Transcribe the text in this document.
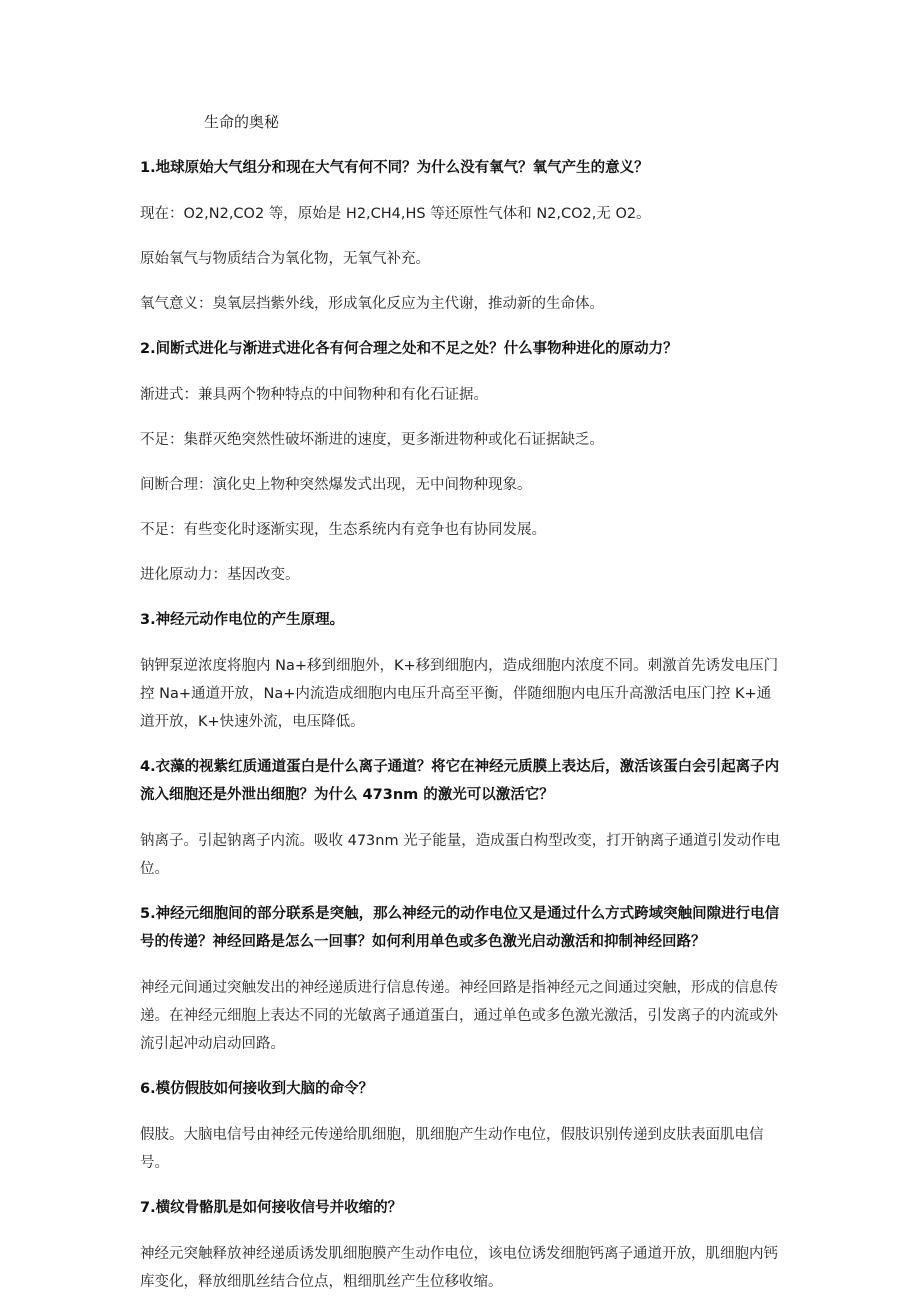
生命的奥秘
1.地球原始大气组分和现在大气有何不同？为什么没有氧气？氧气产生的意义？
现在：O2,N2,CO2 等，原始是 H2,CH4,HS 等还原性气体和 N2,CO2,无 O2。
原始氧气与物质结合为氧化物，无氧气补充。
氧气意义：臭氧层挡紫外线，形成氧化反应为主代谢，推动新的生命体。
2.间断式进化与渐进式进化各有何合理之处和不足之处？什么事物种进化的原动力？
渐进式：兼具两个物种特点的中间物种和有化石证据。
不足：集群灭绝突然性破坏渐进的速度，更多渐进物种或化石证据缺乏。
间断合理：演化史上物种突然爆发式出现，无中间物种现象。
不足：有些变化时逐渐实现，生态系统内有竞争也有协同发展。
进化原动力：基因改变。
3.神经元动作电位的产生原理。
钠钾泵逆浓度将胞内 Na+移到细胞外，K+移到细胞内，造成细胞内浓度不同。刺激首先诱发电压门控 Na+通道开放，Na+内流造成细胞内电压升高至平衡，伴随细胞内电压升高激活电压门控 K+通道开放，K+快速外流，电压降低。
4.衣藻的视紫红质通道蛋白是什么离子通道？将它在神经元质膜上表达后，激活该蛋白会引起离子内流入细胞还是外泄出细胞？为什么 473nm 的激光可以激活它？
钠离子。引起钠离子内流。吸收 473nm 光子能量，造成蛋白构型改变，打开钠离子通道引发动作电位。
5.神经元细胞间的部分联系是突触，那么神经元的动作电位又是通过什么方式跨域突触间隙进行电信号的传递？神经回路是怎么一回事？如何利用单色或多色激光启动激活和抑制神经回路？
神经元间通过突触发出的神经递质进行信息传递。神经回路是指神经元之间通过突触，形成的信息传递。在神经元细胞上表达不同的光敏离子通道蛋白，通过单色或多色激光激活，引发离子的内流或外流引起冲动启动回路。
6.模仿假肢如何接收到大脑的命令？
假肢。大脑电信号由神经元传递给肌细胞，肌细胞产生动作电位，假肢识别传递到皮肤表面肌电信号。
7.横纹骨骼肌是如何接收信号并收缩的？
神经元突触释放神经递质诱发肌细胞膜产生动作电位，该电位诱发细胞钙离子通道开放，肌细胞内钙库变化，释放细肌丝结合位点，粗细肌丝产生位移收缩。
